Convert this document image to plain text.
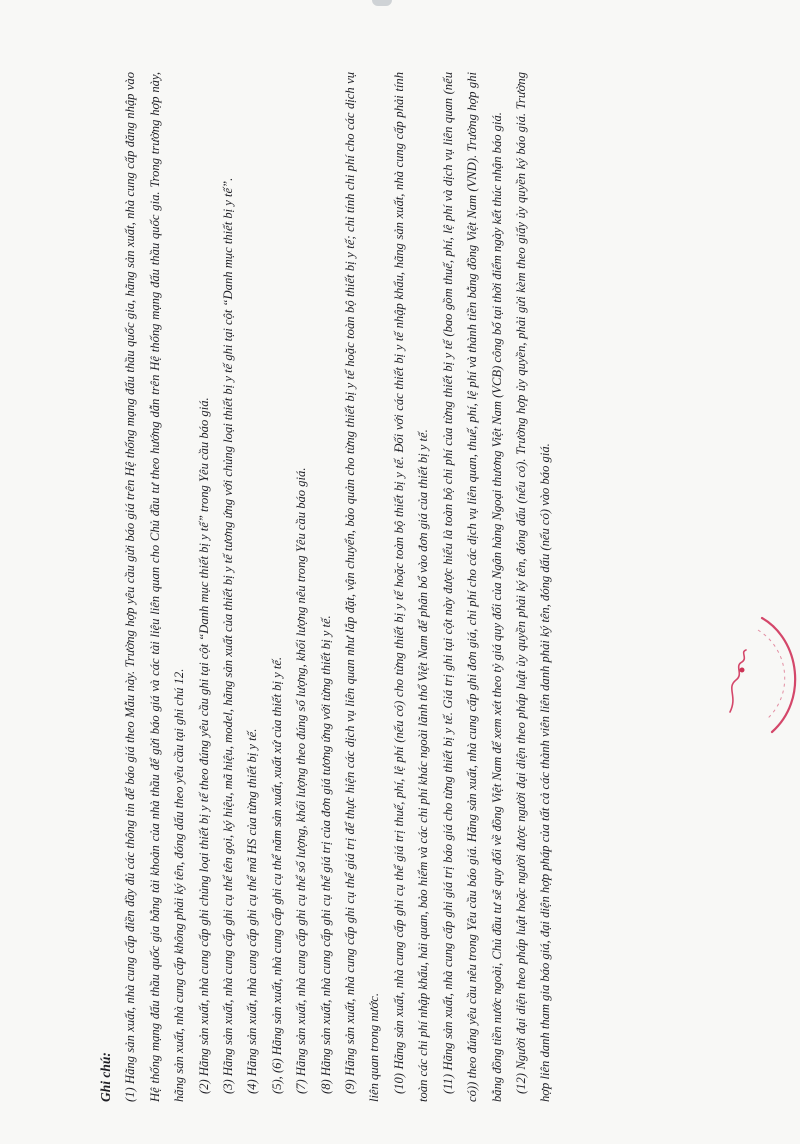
Ghi chú: (1) Hãng sản xuất, nhà cung cấp điền đầy đủ các thông tin để báo giá theo Mẫu này. Trường hợp yêu cầu gửi báo giá trên Hệ thống mạng đấu thầu quốc gia, hãng sản xuất, nhà cung cấp đăng nhập vào Hệ thống mạng đấu thầu quốc gia bằng tài khoản của nhà thầu để gửi báo giá và các tài liệu liên quan cho Chủ đầu tư theo hướng dẫn trên Hệ thống mạng đấu thầu quốc gia. Trong trường hợp này, hãng sản xuất, nhà cung cấp không phải ký tên, đóng dấu theo yêu cầu tại ghi chú 12. (2) Hãng sản xuất, nhà cung cấp ghi chủng loại thiết bị y tế theo đúng yêu cầu ghi tại cột “Danh mục thiết bị y tế” trong Yêu cầu báo giá. (3) Hãng sản xuất, nhà cung cấp ghi cụ thể tên gọi, ký hiệu, mã hiệu, model, hãng sản xuất của thiết bị y tế tương ứng với chủng loại thiết bị y tế ghi tại cột “Danh mục thiết bị y tế”. (4) Hãng sản xuất, nhà cung cấp ghi cụ thể mã HS của từng thiết bị y tế. (5), (6) Hãng sản xuất, nhà cung cấp ghi cụ thể năm sản xuất, xuất xứ của thiết bị y tế. (7) Hãng sản xuất, nhà cung cấp ghi cụ thể số lượng, khối lượng theo đúng số lượng, khối lượng nêu trong Yêu cầu báo giá. (8) Hãng sản xuất, nhà cung cấp ghi cụ thể giá trị của đơn giá tương ứng với từng thiết bị y tế. (9) Hãng sản xuất, nhà cung cấp ghi cụ thể giá trị để thực hiện các dịch vụ liên quan như lắp đặt, vận chuyển, bảo quản cho từng thiết bị y tế hoặc toàn bộ thiết bị y tế; chỉ tính chi phí cho các dịch vụ liên quan trong nước. (10) Hãng sản xuất, nhà cung cấp ghi cụ thể giá trị thuế, phí, lệ phí (nếu có) cho từng thiết bị y tế hoặc toàn bộ thiết bị y tế. Đối với các thiết bị y tế nhập khẩu, hãng sản xuất, nhà cung cấp phải tính toàn các chi phí nhập khẩu, hải quan, bảo hiểm và các chi phí khác ngoài lãnh thổ Việt Nam để phân bổ vào đơn giá của thiết bị y tế. (11) Hãng sản xuất, nhà cung cấp ghi giá trị báo giá cho từng thiết bị y tế. Giá trị ghi tại cột này được hiểu là toàn bộ chi phí của từng thiết bị y tế (bao gồm thuế, phí, lệ phí và dịch vụ liên quan (nếu có)) theo đúng yêu cầu nêu trong Yêu cầu báo giá. Hãng sản xuất, nhà cung cấp ghi đơn giá, chi phí cho các dịch vụ liên quan, thuế, phí, lệ phí và thành tiền bằng đồng Việt Nam (VND). Trường hợp ghi bằng đồng tiền nước ngoài, Chủ đầu tư sẽ quy đổi về đồng Việt Nam để xem xét theo tỷ giá quy đổi của Ngân hàng Ngoại thương Việt Nam (VCB) công bố tại thời điểm ngày kết thúc nhận báo giá. (12) Người đại diện theo pháp luật hoặc người được người đại diện theo pháp luật ủy quyền phải ký tên, đóng dấu (nếu có). Trường hợp ủy quyền, phải gửi kèm theo giấy ủy quyền ký báo giá. Trường hợp liên danh tham gia báo giá, đại diện hợp pháp của tất cả các thành viên liên danh phải ký tên, đóng dấu (nếu có) vào báo giá.
